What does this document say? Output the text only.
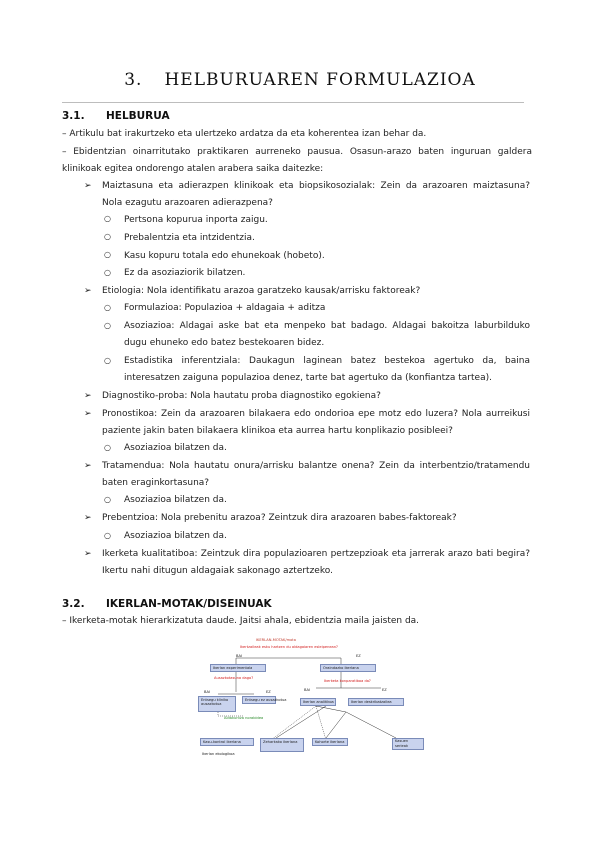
3. HELBURUAREN FORMULAZIOA
3.1. HELBURUA
– Artikulu bat irakurtzeko eta ulertzeko ardatza da eta koherentea izan behar da.
– Ebidentzian oinarritutako praktikaren aurreneko pausua. Osasun-arazo baten inguruan galdera
klinikoak egitea ondorengo atalen arabera saika daitezke:
➢ Maiztasuna eta adierazpen klinikoak eta biopsikosozialak: Zein da arazoaren maiztasuna?
Nola ezagutu arazoaren adierazpena?
○ Pertsona kopurua inporta zaigu.
○ Prebalentzia eta intzidentzia.
○ Kasu kopuru totala edo ehunekoak (hobeto).
○ Ez da asoziaziorik bilatzen.
➢ Etiologia: Nola identifikatu arazoa garatzeko kausak/arrisku faktoreak?
○ Formulazioa: Populazioa + aldagaia + aditza
○ Asoziazioa: Aldagai aske bat eta menpeko bat badago. Aldagai bakoitza laburbilduko
dugu ehuneko edo batez bestekoaren bidez.
○ Estadistika inferentziala: Daukagun laginean batez bestekoa agertuko da, baina
interesatzen zaiguna populazioa denez, tarte bat agertuko da (konfiantza tartea).
➢ Diagnostiko-proba: Nola hautatu proba diagnostiko egokiena?
➢ Pronostikoa: Zein da arazoaren bilakaera edo ondorioa epe motz edo luzera? Nola aurreikusi
paziente jakin baten bilakaera klinikoa eta aurrea hartu konplikazio posibleei?
○ Asoziazioa bilatzen da.
➢ Tratamendua: Nola hautatu onura/arrisku balantze onena? Zein da interbentzio/tratamendu
baten eraginkortasuna?
○ Asoziazioa bilatzen da.
➢ Prebentzioa: Nola prebenitu arazoa? Zeintzuk dira arazoaren babes-faktoreak?
○ Asoziazioa bilatzen da.
➢ Ikerketa kualitatiboa: Zeintzuk dira populazioaren pertzepzioak eta jarrerak arazo bati begira?
Ikertu nahi ditugun aldagaiak sakonago aztertzeko.
3.2. IKERLAN-MOTAK/DISEINUAK
– Ikerketa-motak hierarkizatuta daude. Jaitsi ahala, ebidentzia maila jaisten da.
IKERLAN-MOTAK/mota
Ikertzaileak esku hartzen du aldagaiaren esleipenean?
BAI	EZ
Ikerlan experimentala	Oraindazko ikerlana
Ausazkotasuna dago?
Ikerketa konparatiboa da?
BAI	EZ	BAI	EZ
Entsegu kliniko ausazkotua
Entsegu ez ausazkotua	Ikerlan analitikoa	Ikerlan deskribatzailea
Aldakuntza norabidea
Kohorte ikerlana	Kasuen serieak
Kasu-kontrol ikerlana	Zeharkako ikerlana
Ikerlan ekologikoa
